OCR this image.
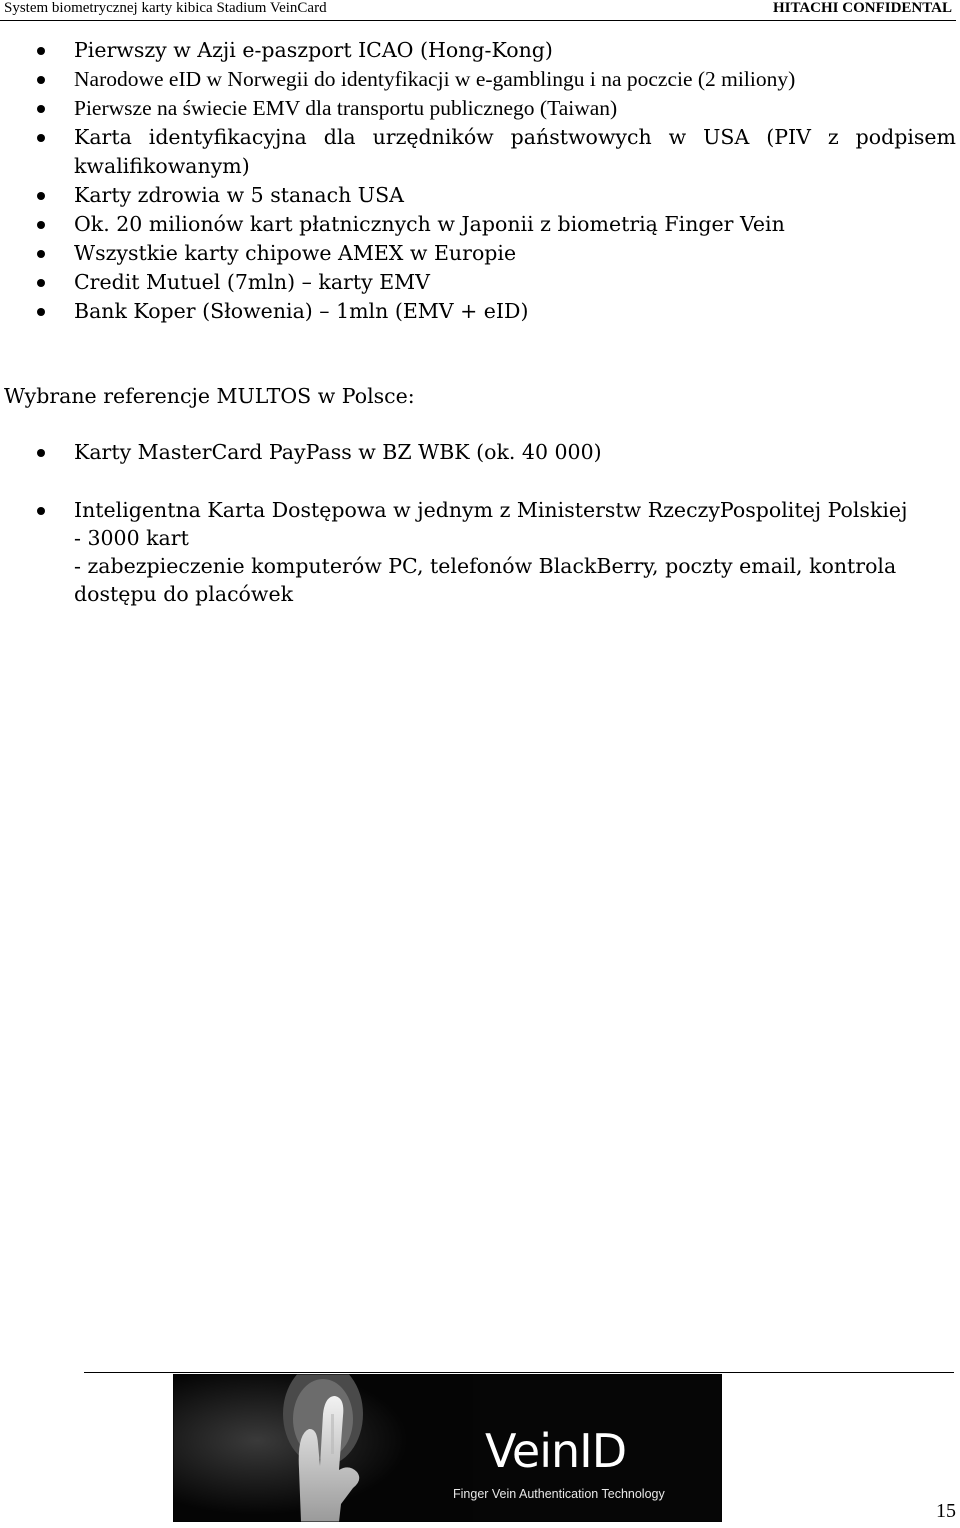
System biometrycznej karty kibica Stadium VeinCard	HITACHI CONFIDENTAL
Pierwszy w Azji e-paszport ICAO (Hong-Kong)
Narodowe eID w Norwegii do identyfikacji w e-gamblingu i na poczcie (2 miliony)
Pierwsze na świecie EMV dla transportu publicznego (Taiwan)
Karta identyfikacyjna dla urzędników państwowych w USA (PIV z podpisem kwalifikowanym)
Karty zdrowia w 5 stanach USA
Ok. 20 milionów kart płatnicznych w Japonii z biometrią Finger Vein
Wszystkie karty chipowe AMEX w Europie
Credit Mutuel (7mln) – karty EMV
Bank Koper (Słowenia) – 1mln (EMV + eID)
Wybrane referencje MULTOS w Polsce:
Karty MasterCard PayPass w BZ WBK (ok. 40 000)
Inteligentna Karta Dostępowa w jednym z Ministerstw RzeczyPospolitej Polskiej
- 3000 kart
- zabezpieczenie komputerów PC, telefonów BlackBerry, poczty email, kontrola dostępu do placówek
VeinID
Finger Vein Authentication Technology
15
